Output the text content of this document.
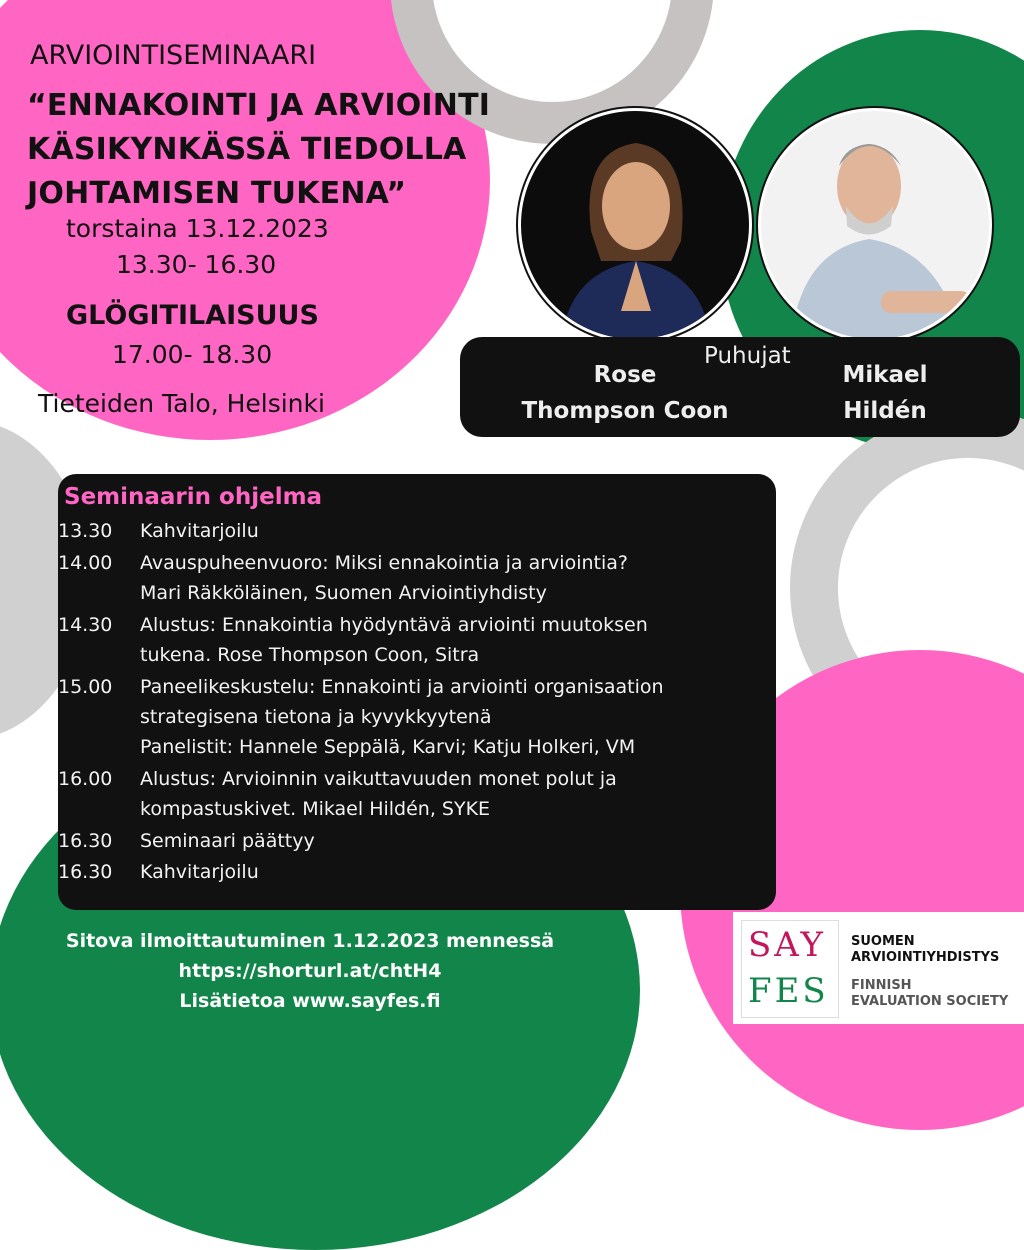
ARVIOINTISEMINAARI
“ENNAKOINTI JA ARVIOINTI
KÄSIKYNKÄSSÄ TIEDOLLA
JOHTAMISEN TUKENA”
torstaina 13.12.2023
13.30- 16.30
GLÖGITILAISUUS
17.00- 18.30
Tieteiden Talo, Helsinki
Puhujat
Rose
Thompson Coon
Mikael
Hildén
Seminaarin ohjelma
13.30	Kahvitarjoilu
14.00	Avauspuheenvuoro: Miksi ennakointia ja arviointia?
Mari Räkköläinen, Suomen Arviointiyhdisty
14.30	Alustus: Ennakointia hyödyntävä arviointi muutoksen
tukena. Rose Thompson Coon, Sitra
15.00	Paneelikeskustelu: Ennakointi ja arviointi organisaation
strategisena tietona ja kyvykkyytenä
Panelistit: Hannele Seppälä, Karvi; Katju Holkeri, VM
16.00	Alustus: Arvioinnin vaikuttavuuden monet polut ja
kompastuskivet. Mikael Hildén, SYKE
16.30	Seminaari päättyy
16.30	Kahvitarjoilu
Sitova ilmoittautuminen 1.12.2023 mennessä
https://shorturl.at/chtH4
Lisätietoa www.sayfes.fi
SAY
FES
SUOMEN
ARVIOINTIYHDISTYS
FINNISH
EVALUATION SOCIETY
